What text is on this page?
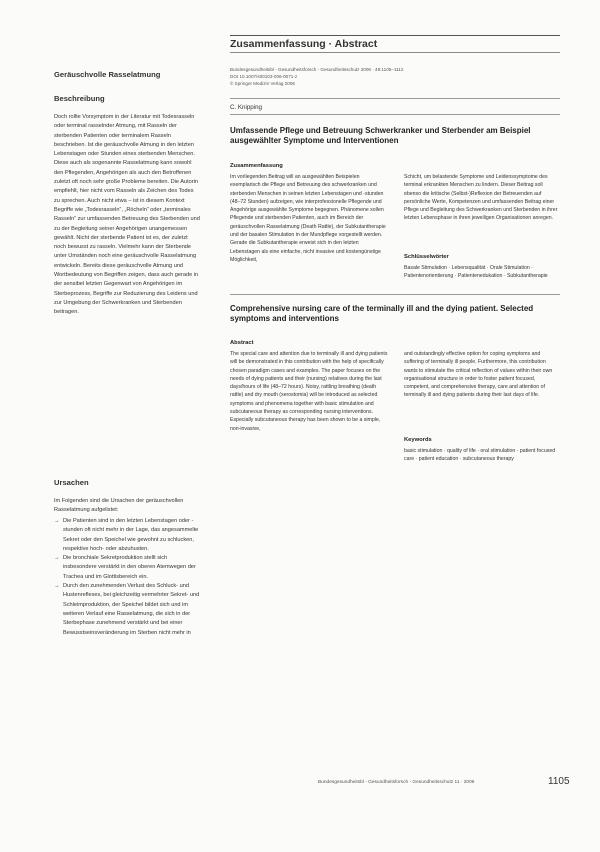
Zusammenfassung · Abstract
Geräuschvolle Rasselatmung
Beschreibung
Doch rollte Vorsymptom in der Literatur mit Todesrasseln oder terminal rasselnder Atmung, mit Rasseln der sterbenden Patienten oder terminalem Rasseln beschrieben. Ist die geräuschvolle Atmung in den letzten Lebenstagen oder Stunden eines sterbenden Menschen. Diese auch als sogenannte Rasselatmung kann sowohl den Pflegenden, Angehörigen als auch den Betroffenen zuletzt oft noch sehr große Probleme bereiten. Die Autorin empfiehlt, hier nicht vom Rasseln als Zeichen des Todes zu sprechen. Auch nicht etwa – ist in diesem Kontext Begriffe wie „Todesrasseln“, „Röcheln“ oder „terminales Rasseln“ zur umfassenden Betreuung des Sterbenden und zu der Begleitung seiner Angehörigen unangemessen gewählt. Nicht der sterbende Patient ist es, der zuletzt noch bewusst zu rasseln. Vielmehr kann der Sterbende unter Umständen noch eine geräuschvolle Rasselatmung entwickeln. Bereits diese geräuschvolle Atmung und Wortbedeutung von Begriffen zeigen, dass auch gerade in der sensibel letzten Gegenwart von Angehörigen im Sterbeprozess, Begriffe zur Reduzierung des Leidens und zur Umgebung der Schwerkranken und Sterbenden beitragen.
Ursachen
Im Folgenden sind die Ursachen der geräuschvollen Rasselatmung aufgelistet:
→ Die Patienten sind in den letzten Lebenstagen oder -stunden oft nicht mehr in der Lage, das angesammelte Sekret oder den Speichel wie gewohnt zu schlucken, respektive hoch- oder abzuhusten.
→ Die bronchiale Sekretproduktion stellt sich insbesondere verstärkt in den oberen Atemwegen der Trachea und im Glottisbereich ein.
→ Durch den zunehmenden Verlust des Schluck- und Hustenreflexes, bei gleichzeitig vermehrter Sekret- und Schleimproduktion, der Speichel bildet sich und im weiteren Verlauf eine Rasselatmung, die sich in der Sterbephase zunehmend verstärkt und bei einer Bewusstseinsveränderung im Sterben nicht mehr in
Bundesgesundheitsbl - Gesundheitsforsch - Gesundheitsschutz 2006 · 49:1105–1112
DOI 10.1007/s00103-006-0071-z
© Springer Medizin Verlag 2006
C. Knipping
Umfassende Pflege und Betreuung Schwerkranker und Sterbender am Beispiel ausgewählter Symptome und Interventionen
Zusammenfassung
Im vorliegenden Beitrag will an ausgewählten Beispielen exemplarisch die Pflege und Betreuung des schwerkranken und sterbenden Menschen in seinen letzten Lebenstagen und -stunden (48–72 Stunden) aufzeigen, wie interprofessionelle Pflegende und Angehörige ausgewählte Symptome begegnen. Phänomene sollen Pflegende und sterbenden Patienten, auch im Bereich der geräuschvollen Rasselatmung (Death Rattle), der Subkutantherapie und der basalen Stimulation in der Mundpflege vorgestellt werden. Gerade die Subkutantherapie erweist sich in den letzten Lebenstagen als eine einfache, nicht invasive und kostengünstige Möglichkeit,
Schicht, um belastende Symptome und Leidenssymptome des terminal erkrankten Menschen zu lindern. Dieser Beitrag soll ebenso die kritische (Selbst-)Reflexion der Betreuenden auf persönliche Werte, Kompetenzen und umfassenden Beitrag einer Pflege und Begleitung des Schwerkranken und Sterbenden in ihrer letzten Lebensphase in ihren jeweiligen Organisationen anregen.
Schlüsselwörter
Basale Stimulation · Lebensqualität · Orale Stimulation · Patientenorientierung · Patientenedukation · Subkutantherapie
Comprehensive nursing care of the terminally ill and the dying patient. Selected symptoms and interventions
Abstract
The special care and attention due to terminally ill and dying patients will be demonstrated in this contribution with the help of specifically chosen paradigm cases and examples. The paper focuses on the needs of dying patients and their (nursing) relatives during the last days/hours of life (48–72 hours). Noisy, rattling breathing (death rattle) and dry mouth (xerostomia) will be introduced as selected symptoms and phenomena together with basic stimulation and subcutaneous therapy as corresponding nursing interventions. Especially subcutaneous therapy has been shown to be a simple, non-invasive,
and outstandingly effective option for coping symptoms and suffering of terminally ill people. Furthermore, this contribution wants to stimulate the critical reflection of values within their own organisational structure in order to foster patient focused, competent, and comprehensive therapy, care and attention of terminally ill and dying patients during their last days of life.
Keywords
basic stimulation · quality of life · oral stimulation · patient focused care · patient education · subcutaneous therapy
Bundesgesundheitsbl - Gesundheitsforsch - Gesundheitsschutz 11 · 2006	1105
